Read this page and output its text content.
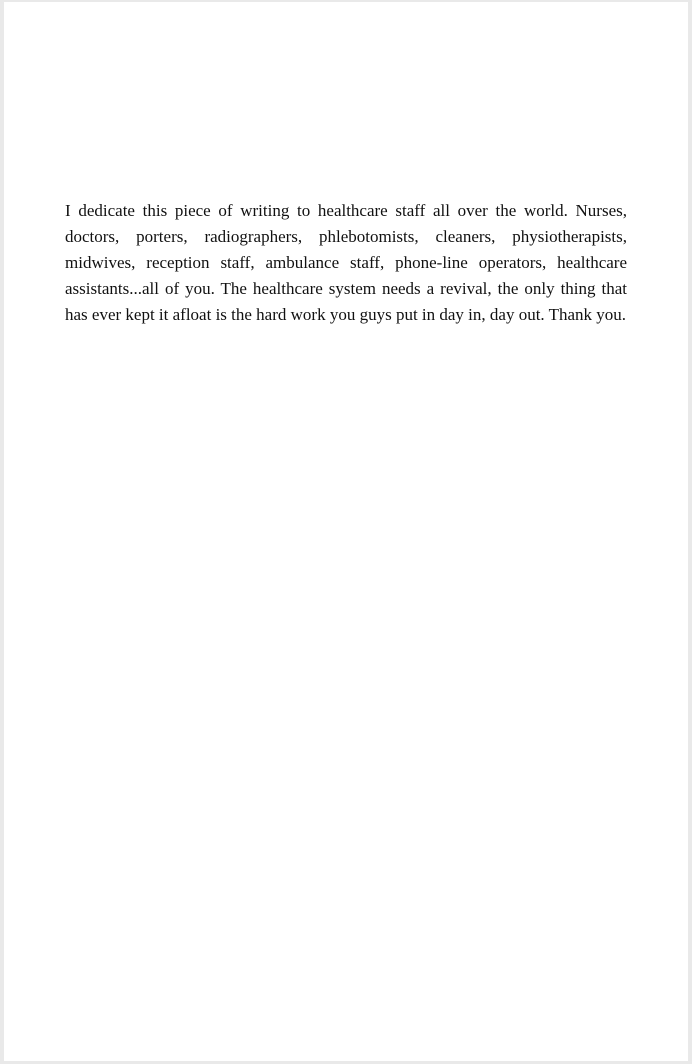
I dedicate this piece of writing to healthcare staff all over the world. Nurses, doctors, porters, radiographers, phlebotomists, cleaners, physiotherapists, midwives, reception staff, ambulance staff, phone-line operators, healthcare assistants...all of you. The healthcare system needs a revival, the only thing that has ever kept it afloat is the hard work you guys put in day in, day out. Thank you.
